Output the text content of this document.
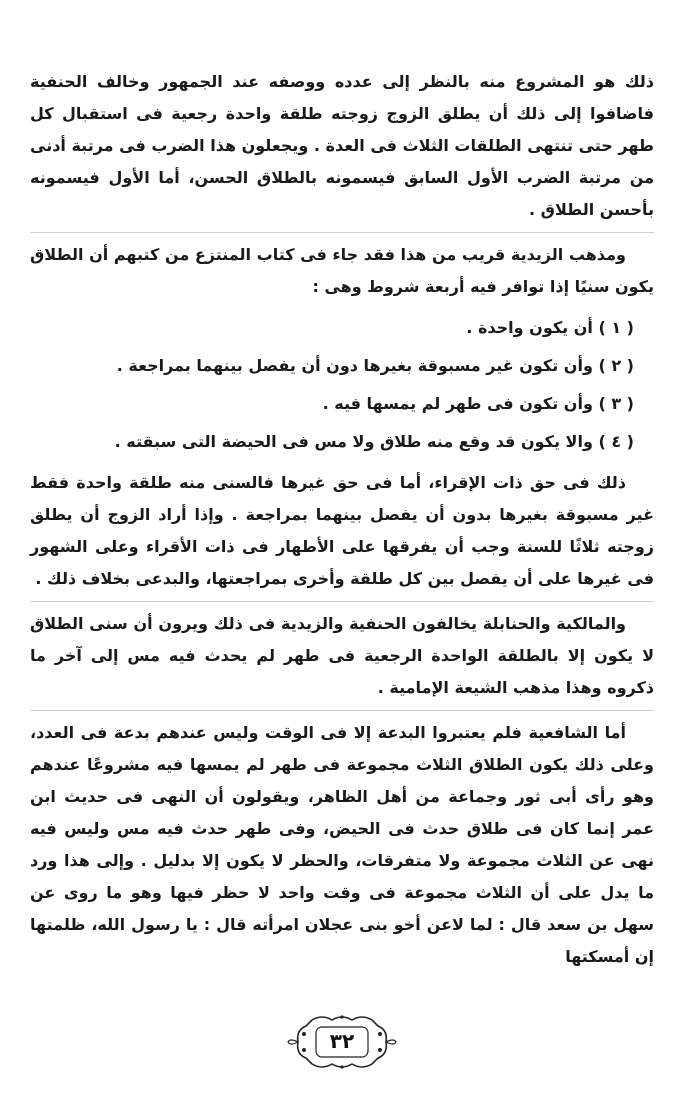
ذلك هو المشروع منه بالنظر إلى عدده ووصفه عند الجمهور وخالف الحنفية فاضافوا إلى ذلك أن يطلق الزوج زوجته طلقة واحدة رجعية فى استقبال كل طهر حتى تنتهى الطلقات الثلاث فى العدة . ويجعلون هذا الضرب فى مرتبة أدنى من مرتبة الضرب الأول السابق فيسمونه بالطلاق الحسن، أما الأول فيسمونه بأحسن الطلاق .

ومذهب الزيدية قريب من هذا فقد جاء فى كتاب المنتزع من كتبهم أن الطلاق يكون سنيًا إذا توافر فيه أربعة شروط وهى :

( ١ ) أن يكون واحدة .

( ٢ ) وأن تكون غير مسبوقة بغيرها دون أن يفصل بينهما بمراجعة .

( ٣ ) وأن تكون فى طهر لم يمسها فيه .

( ٤ ) والا يكون قد وقع منه طلاق ولا مس فى الحيضة التى سبقته .

ذلك فى حق ذات الإقراء، أما فى حق غيرها فالسنى منه طلقة واحدة فقط غير مسبوقة بغيرها بدون أن يفصل بينهما بمراجعة . وإذا أراد الزوج أن يطلق زوجته ثلاثًا للسنة وجب أن يفرقها على الأطهار فى ذات الأقراء وعلى الشهور فى غيرها على أن يفصل بين كل طلقة وأخرى بمراجعتها، والبدعى بخلاف ذلك .

والمالكية والحنابلة يخالفون الحنفية والزيدية فى ذلك ويرون أن سنى الطلاق لا يكون إلا بالطلقة الواحدة الرجعية فى طهر لم يحدث فيه مس إلى آخر ما ذكروه وهذا مذهب الشيعة الإمامية .

أما الشافعية فلم يعتبروا البدعة إلا فى الوقت وليس عندهم بدعة فى العدد، وعلى ذلك يكون الطلاق الثلاث مجموعة فى طهر لم يمسها فيه مشروعًا عندهم وهو رأى أبى ثور وجماعة من أهل الظاهر، ويقولون أن النهى فى حديث ابن عمر إنما كان فى طلاق حدث فى الحيض، وفى طهر حدث فيه مس وليس فيه نهى عن الثلاث مجموعة ولا متفرقات، والحظر لا يكون إلا بدليل . وإلى هذا ورد ما يدل على أن الثلاث مجموعة فى وقت واحد لا حظر فيها وهو ما روى عن سهل بن سعد قال : لما لاعن أخو بنى عجلان امرأته قال : يا رسول الله، ظلمتها إن أمسكتها

٣٢
